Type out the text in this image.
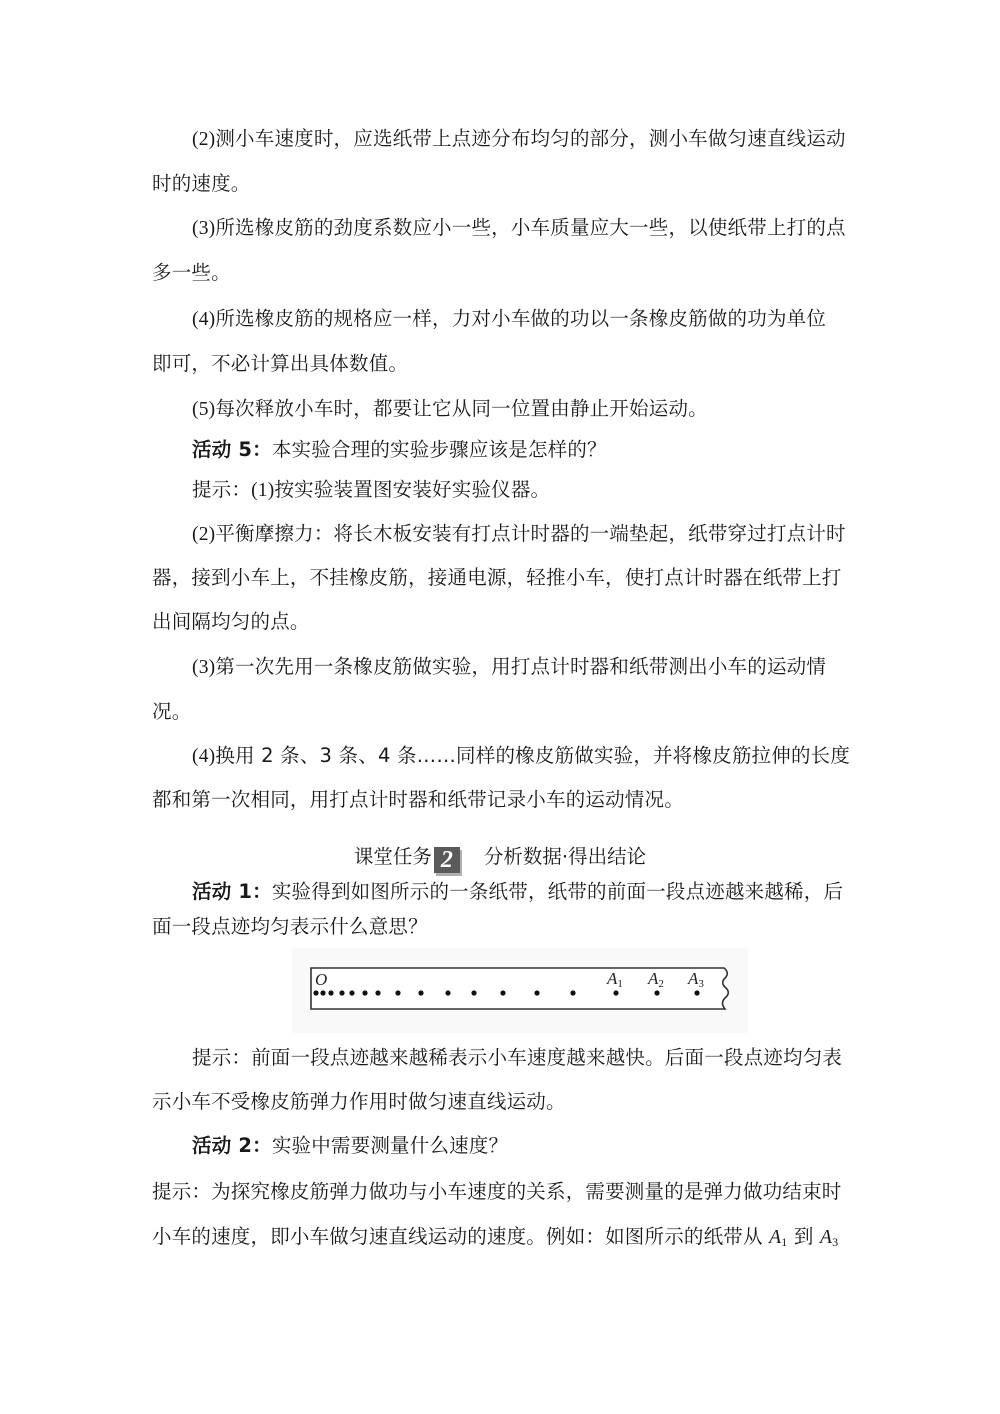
(2)测小车速度时，应选纸带上点迹分布均匀的部分，测小车做匀速直线运动
时的速度。
(3)所选橡皮筋的劲度系数应小一些，小车质量应大一些，以使纸带上打的点
多一些。
(4)所选橡皮筋的规格应一样，力对小车做的功以一条橡皮筋做的功为单位
即可，不必计算出具体数值。
(5)每次释放小车时，都要让它从同一位置由静止开始运动。
活动 5：本实验合理的实验步骤应该是怎样的？
提示：(1)按实验装置图安装好实验仪器。
(2)平衡摩擦力：将长木板安装有打点计时器的一端垫起，纸带穿过打点计时
器，接到小车上，不挂橡皮筋，接通电源，轻推小车，使打点计时器在纸带上打
出间隔均匀的点。
(3)第一次先用一条橡皮筋做实验，用打点计时器和纸带测出小车的运动情
况。
(4)换用 2 条、3 条、4 条……同样的橡皮筋做实验，并将橡皮筋拉伸的长度
都和第一次相同，用打点计时器和纸带记录小车的运动情况。
课堂任务 2 分析数据·得出结论
活动 1：实验得到如图所示的一条纸带，纸带的前面一段点迹越来越稀，后
面一段点迹均匀表示什么意思？
O	A1 A2 A3
提示：前面一段点迹越来越稀表示小车速度越来越快。后面一段点迹均匀表
示小车不受橡皮筋弹力作用时做匀速直线运动。
活动 2：实验中需要测量什么速度？
提示：为探究橡皮筋弹力做功与小车速度的关系，需要测量的是弹力做功结束时
小车的速度，即小车做匀速直线运动的速度。例如：如图所示的纸带从 $A_1$ 到 $A_3$
